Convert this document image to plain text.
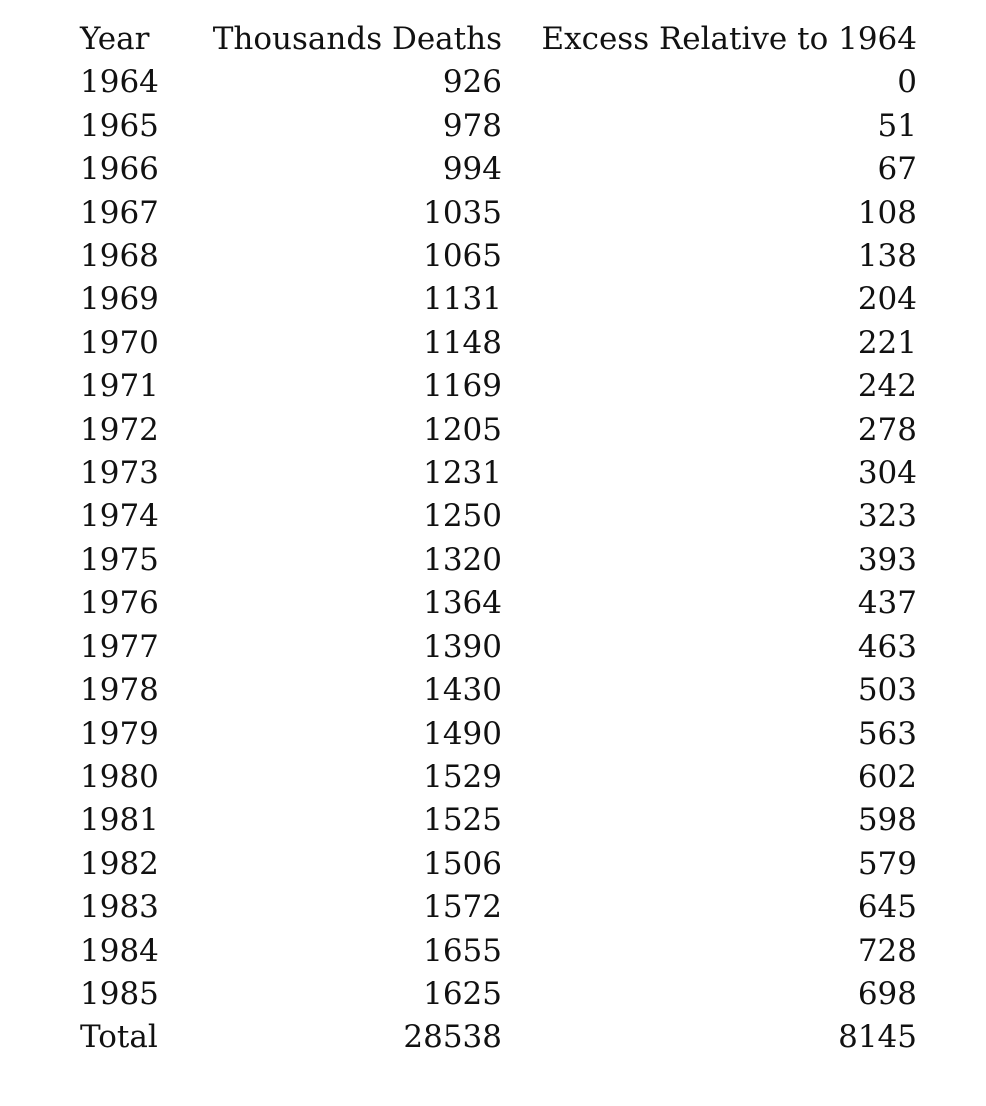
Year	Thousands Deaths	Excess Relative to 1964
1964	926	0
1965	978	51
1966	994	67
1967	1035	108
1968	1065	138
1969	1131	204
1970	1148	221
1971	1169	242
1972	1205	278
1973	1231	304
1974	1250	323
1975	1320	393
1976	1364	437
1977	1390	463
1978	1430	503
1979	1490	563
1980	1529	602
1981	1525	598
1982	1506	579
1983	1572	645
1984	1655	728
1985	1625	698
Total	28538	8145
